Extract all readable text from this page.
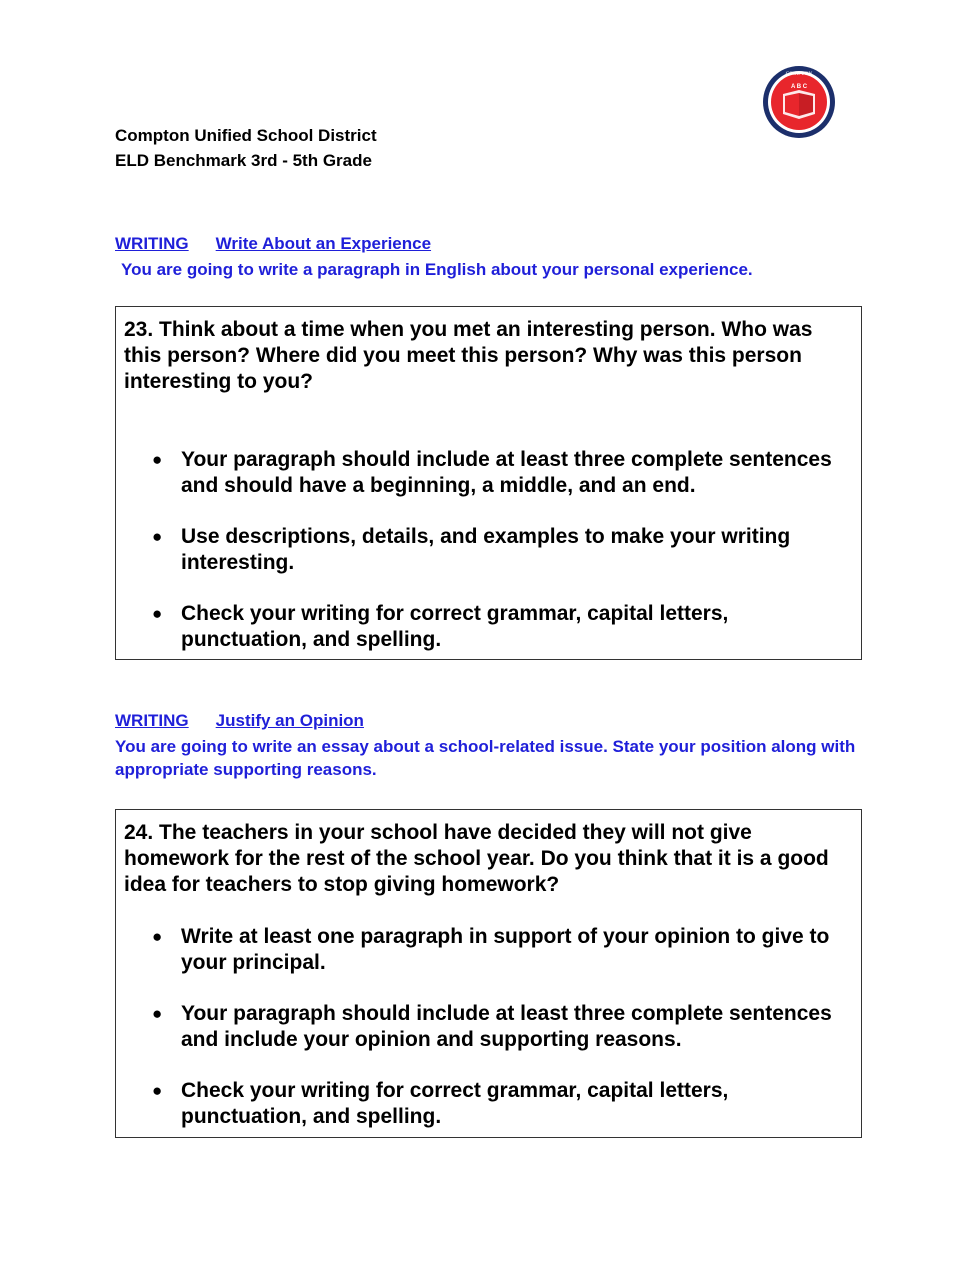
A B C
COMPTON
Compton Unified School District
ELD Benchmark 3rd - 5th Grade
WRITING Write About an Experience
You are going to write a paragraph in English about your personal experience.

23. Think about a time when you met an interesting person. Who was this person? Where did you meet this person? Why was this person interesting to you?

● Your paragraph should include at least three complete sentences and should have a beginning, a middle, and an end.
● Use descriptions, details, and examples to make your writing interesting.
● Check your writing for correct grammar, capital letters, punctuation, and spelling.
WRITING Justify an Opinion
You are going to write an essay about a school-related issue. State your position along with appropriate supporting reasons.

24. The teachers in your school have decided they will not give homework for the rest of the school year. Do you think that it is a good idea for teachers to stop giving homework?

● Write at least one paragraph in support of your opinion to give to your principal.
● Your paragraph should include at least three complete sentences and include your opinion and supporting reasons.
● Check your writing for correct grammar, capital letters, punctuation, and spelling.
